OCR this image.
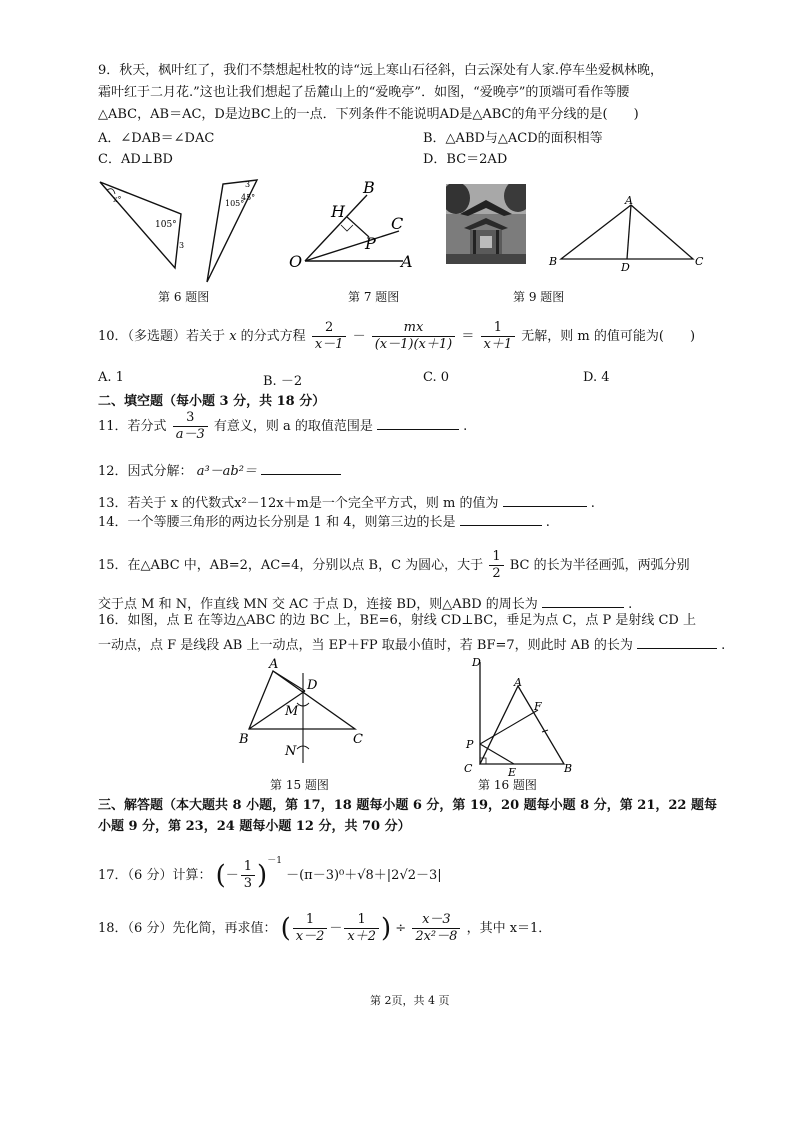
9．秋天，枫叶红了，我们不禁想起杜牧的诗“远上寒山石径斜，白云深处有人家.停车坐爱枫林晚，
霜叶红于二月花.”这也让我们想起了岳麓山上的“爱晚亭”．如图，“爱晚亭”的顶端可看作等腰
△ABC，AB＝AC，D是边BC上的一点．下列条件不能说明AD是△ABC的角平分线的是(　　)
A．∠DAB＝∠DAC	B．△ABD与△ACD的面积相等
C．AD⊥BD	D．BC＝2AD
x°
105°
3
105°
45°
3
第 6 题图
B
H
C
P
O	A
第 7 题图
A
B	C
D
第 9 题图
10．（多选题）若关于 x 的分式方程 $\frac{2}{x-1} - \frac{mx}{(x-1)(x+1)} = \frac{1}{x+1}$ 无解，则 m 的值可能为(　　)
A. 1	B. －2	C. 0	D. 4
二、填空题（每小题 3 分，共 18 分）
11．若分式 $\frac{3}{a-3}$ 有意义，则 a 的取值范围是	.
12．因式分解： a³－ab²＝
13．若关于 x 的代数式x²－12x＋m是一个完全平方式，则 m 的值为	.
14．一个等腰三角形的两边长分别是 1 和 4，则第三边的长是	.
15．在△ABC 中，AB=2，AC=4，分别以点 B，C 为圆心，大于 $\frac{1}{2}$ BC 的长为半径画弧，两弧分别
交于点 M 和 N，作直线 MN 交 AC 于点 D，连接 BD，则△ABD 的周长为	.
16．如图，点 E 在等边△ABC 的边 BC 上，BE=6，射线 CD⊥BC，垂足为点 C，点 P 是射线 CD 上
一动点，点 F 是线段 AB 上一动点，当 EP＋FP 取最小值时，若 BF=7，则此时 AB 的长为	.
A
D
M
B	C
N
第 15 题图
D
A
F
P
C	E	B
第 16 题图
三、解答题（本大题共 8 小题，第 17，18 题每小题 6 分，第 19，20 题每小题 8 分，第 21，22 题每
小题 9 分，第 23，24 题每小题 12 分，共 70 分）
17．（6 分）计算： (－ $\frac{1}{3} )^{-1} -(\pi-3)^0+√8+|2√2-3|$
18．（6 分）先化简，再求值： ( $\frac{1}{x-2} - \frac{1}{x+2}$ ) ÷ $\frac{x-3}{\text{2x²－8}}$ ，其中 x＝1．
第 2页，共 4 页
